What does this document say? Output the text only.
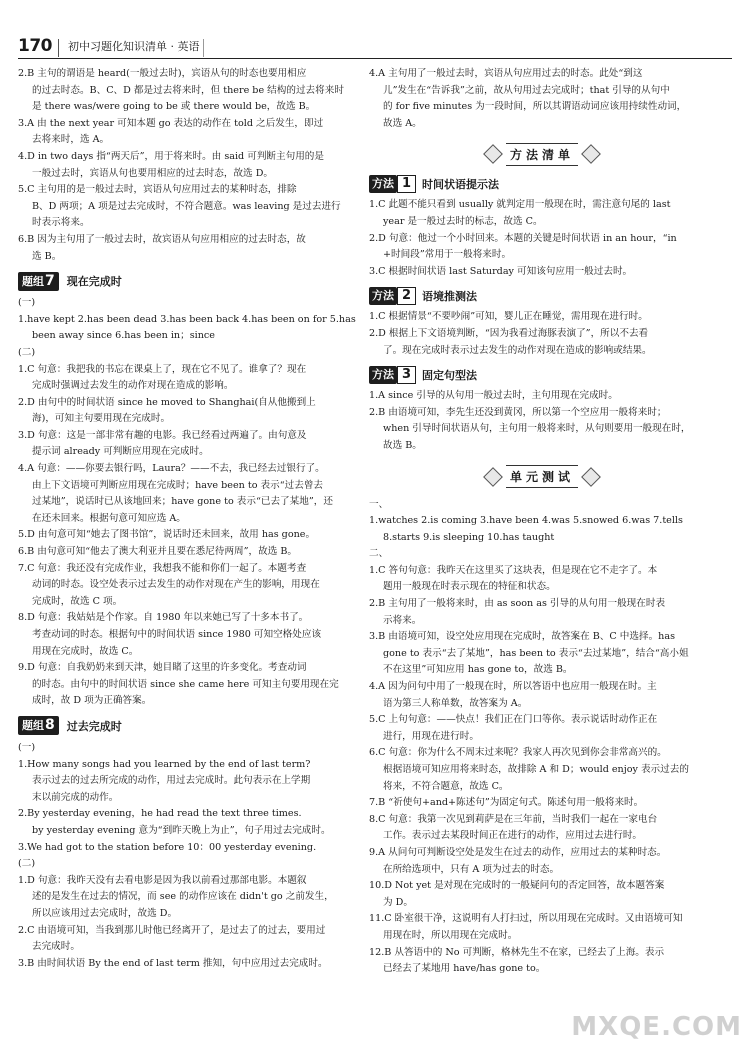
170 初中习题化知识清单 · 英语
2.B 主句的谓语是 heard(一般过去时)，宾语从句的时态也要用相应
的过去时态。B、C、D 都是过去将来时，但 there be 结构的过去将来时
是 there was/were going to be 或 there would be，故选 B。
3.A 由 the next year 可知本题 go 表达的动作在 told 之后发生，即过
去将来时，选 A。
4.D in two days 指“两天后”，用于将来时。由 said 可判断主句用的是
一般过去时，宾语从句也要用相应的过去时态，故选 D。
5.C 主句用的是一般过去时，宾语从句应用过去的某种时态，排除
B、D 两项；A 项是过去完成时，不符合题意。was leaving 是过去进行
时表示将来。
6.B 因为主句用了一般过去时，故宾语从句应用相应的过去时态，故
选 B。
题组7	现在完成时
(一)
1.have kept 2.has been dead 3.has been back 4.has been on for 5.has
been away since 6.has been in；since
(二)
1.C 句意：我把我的书忘在课桌上了，现在它不见了。谁拿了？现在
完成时强调过去发生的动作对现在造成的影响。
2.D 由句中的时间状语 since he moved to Shanghai(自从他搬到上
海)，可知主句要用现在完成时。
3.D 句意：这是一部非常有趣的电影。我已经看过两遍了。由句意及
提示词 already 可判断应用现在完成时。
4.A 句意：——你要去银行吗，Laura？——不去，我已经去过银行了。
由上下文语境可判断应用现在完成时；have been to 表示“过去曾去
过某地”，说话时已从该地回来；have gone to 表示“已去了某地”，还
在还未回来。根据句意可知应选 A。
5.D 由句意可知“她去了图书馆”，说话时还未回来，故用 has gone。
6.B 由句意可知“他去了澳大利亚并且要在悉尼待两周”，故选 B。
7.C 句意：我还没有完成作业，我想我不能和你们一起了。本题考查
动词的时态。设空处表示过去发生的动作对现在产生的影响，用现在
完成时，故选 C 项。
8.D 句意：我姑姑是个作家。自 1980 年以来她已写了十多本书了。
考查动词的时态。根据句中的时间状语 since 1980 可知空格处应该
用现在完成时，故选 C。
9.D 句意：自我奶奶来到天津，她目睹了这里的许多变化。考查动词
的时态。由句中的时间状语 since she came here 可知主句要用现在完
成时，故 D 项为正确答案。
题组8	过去完成时
(一)
1.How many songs had you learned by the end of last term?
表示过去的过去所完成的动作，用过去完成时。此句表示在上学期
末以前完成的动作。
2.By yesterday evening，he had read the text three times.
by yesterday evening 意为“到昨天晚上为止”，句子用过去完成时。
3.We had got to the station before 10：00 yesterday evening.
(二)
1.D 句意：我昨天没有去看电影是因为我以前看过那部电影。本题叙
述的是发生在过去的情况，而 see 的动作应该在 didn't go 之前发生，
所以应该用过去完成时，故选 D。
2.C 由语境可知，当我到那儿时他已经离开了，是过去了的过去，要用过
去完成时。
3.B 由时间状语 By the end of last term 推知，句中应用过去完成时。
4.A 主句用了一般过去时，宾语从句应用过去的时态。此处“到这
儿”发生在“告诉我”之前，故从句用过去完成时；that 引导的从句中
的 for five minutes 为一段时间，所以其谓语动词应该用持续性动词，
故选 A。
方法清单
方法 1	时间状语提示法
1.C 此题不能只看到 usually 就判定用一般现在时，需注意句尾的 last
year 是一般过去时的标志，故选 C。
2.D 句意：他过一个小时回来。本题的关键是时间状语 in an hour，“in
+时间段”常用于一般将来时。
3.C 根据时间状语 last Saturday 可知该句应用一般过去时。
方法 2	语境推测法
1.C 根据情景“不要吵闹”可知，婴儿正在睡觉，需用现在进行时。
2.D 根据上下文语境判断，“因为我看过海豚表演了”，所以不去看
了。现在完成时表示过去发生的动作对现在造成的影响或结果。
方法 3	固定句型法
1.A since 引导的从句用一般过去时，主句用现在完成时。
2.B 由语境可知，李先生还没到黄冈，所以第一个空应用一般将来时；
when 引导时间状语从句，主句用一般将来时，从句则要用一般现在时，
故选 B。
单元测试
一、
1.watches 2.is coming 3.have been 4.was 5.snowed 6.was 7.tells
8.starts 9.is sleeping 10.has taught
二、
1.C 答句句意：我昨天在这里买了这块表，但是现在它不走字了。本
题用一般现在时表示现在的特征和状态。
2.B 主句用了一般将来时，由 as soon as 引导的从句用一般现在时表
示将来。
3.B 由语境可知，设空处应用现在完成时，故答案在 B、C 中选择。has
gone to 表示“去了某地”，has been to 表示“去过某地”，结合“高小姐
不在这里”可知应用 has gone to，故选 B。
4.A 因为问句中用了一般现在时，所以答语中也应用一般现在时。主
语为第三人称单数，故答案为 A。
5.C 上句句意：——快点！我们正在门口等你。表示说话时动作正在
进行，用现在进行时。
6.C 句意：你为什么不周末过来呢？我家人再次见到你会非常高兴的。
根据语境可知应用将来时态，故排除 A 和 D；would enjoy 表示过去的
将来，不符合题意，故选 C。
7.B “祈使句+and+陈述句”为固定句式。陈述句用一般将来时。
8.C 句意：我第一次见到莉萨是在三年前，当时我们一起在一家电台
工作。表示过去某段时间正在进行的动作，应用过去进行时。
9.A 从问句可判断设空处是发生在过去的动作，应用过去的某种时态。
在所给选项中，只有 A 项为过去的时态。
10.D Not yet 是对现在完成时的一般疑问句的否定回答，故本题答案
为 D。
11.C 卧室很干净，这说明有人打扫过，所以用现在完成时。又由语境可知
用现在时，所以用现在完成时。
12.B 从答语中的 No 可判断，格林先生不在家，已经去了上海。表示
已经去了某地用 have/has gone to。
MXQE.COM
